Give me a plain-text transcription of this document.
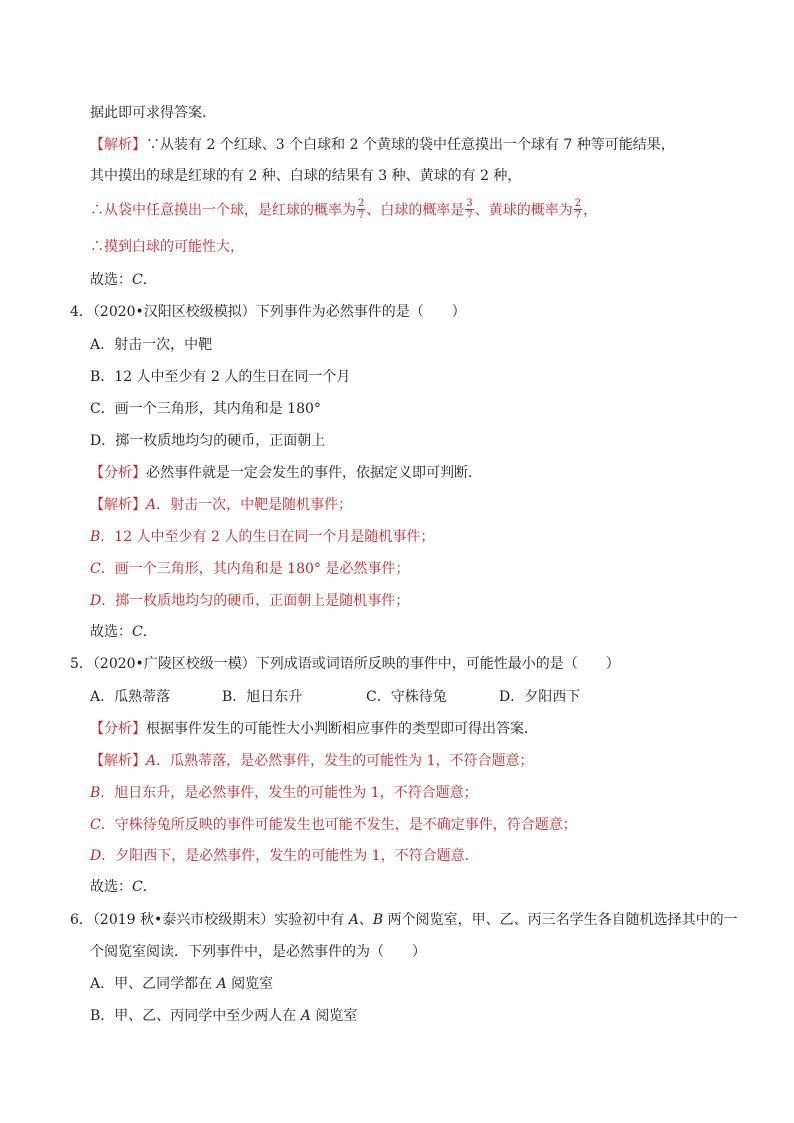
据此即可求得答案．
【解析】∵从装有 2 个红球、3 个白球和 2 个黄球的袋中任意摸出一个球有 7 种等可能结果，
其中摸出的球是红球的有 2 种、白球的结果有 3 种、黄球的有 2 种，
∴从袋中任意摸出一个球，是红球的概率为 $\frac{2}{7}$ 、白球的概率是 $\frac{3}{7}$ 、黄球的概率为 $\frac{2}{7}$ ，
∴摸到白球的可能性大，
故选：C．
4．（2020•汉阳区校级模拟）下列事件为必然事件的是（　　）
A．射击一次，中靶
B．12 人中至少有 2 人的生日在同一个月
C．画一个三角形，其内角和是 180°
D．掷一枚质地均匀的硬币，正面朝上
【分析】必然事件就是一定会发生的事件，依据定义即可判断．
【解析】A．射击一次，中靶是随机事件；
B．12 人中至少有 2 人的生日在同一个月是随机事件；
C．画一个三角形，其内角和是 180° 是必然事件；
D．掷一枚质地均匀的硬币，正面朝上是随机事件；
故选：C．
5．（2020•广陵区校级一模）下列成语或词语所反映的事件中，可能性最小的是（　　）
A．瓜熟蒂落	B．旭日东升	C．守株待兔	D．夕阳西下
【分析】根据事件发生的可能性大小判断相应事件的类型即可得出答案．
【解析】A．瓜熟蒂落，是必然事件，发生的可能性为 1，不符合题意；
B．旭日东升，是必然事件，发生的可能性为 1，不符合题意；
C．守株待兔所反映的事件可能发生也可能不发生，是不确定事件，符合题意；
D．夕阳西下，是必然事件，发生的可能性为 1，不符合题意．
故选：C．
6．（2019 秋•泰兴市校级期末）实验初中有 A、B 两个阅览室，甲、乙、丙三名学生各自随机选择其中的一
个阅览室阅读．下列事件中，是必然事件的为（　　）
A．甲、乙同学都在 A 阅览室
B．甲、乙、丙同学中至少两人在 A 阅览室
